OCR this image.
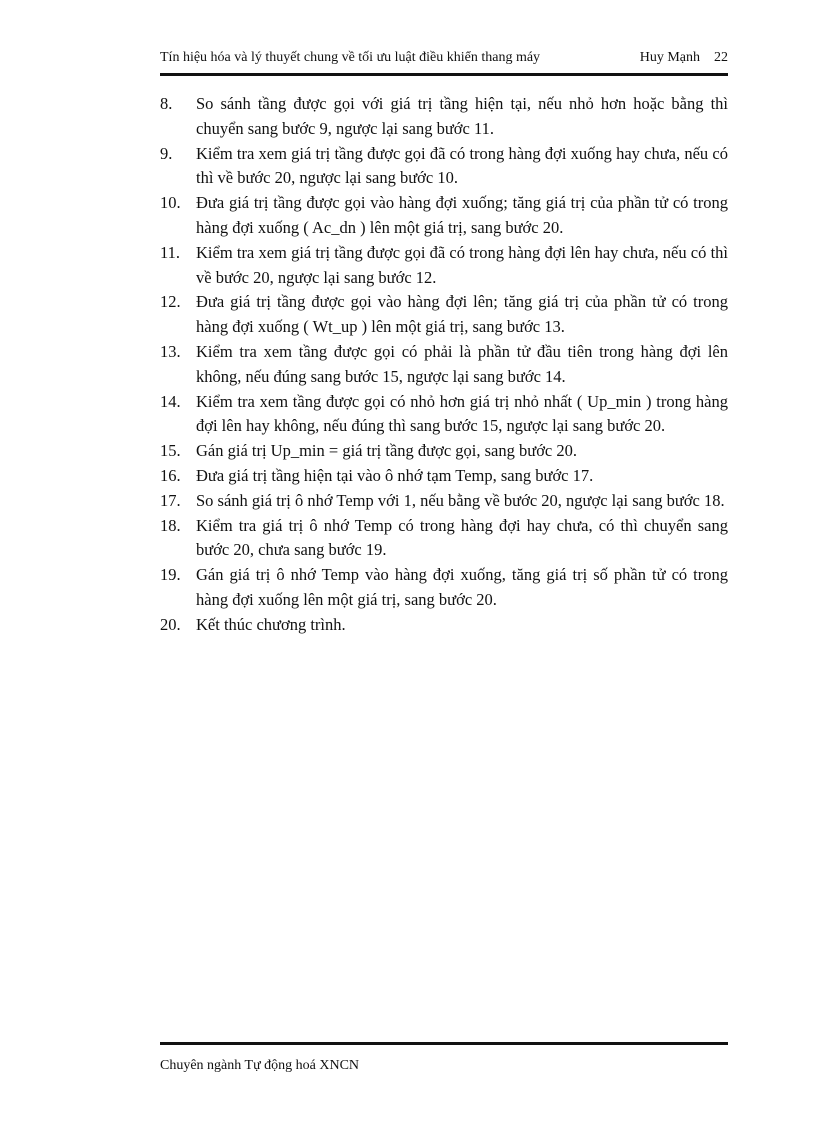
Tín hiệu hóa và lý thuyết chung về tối ưu luật điều khiển thang máy	Huy Mạnh 22
8. So sánh tầng được gọi với giá trị tầng hiện tại, nếu nhỏ hơn hoặc bằng thì chuyển sang bước 9, ngược lại sang bước 11.
9. Kiểm tra xem giá trị tầng được gọi đã có trong hàng đợi xuống hay chưa, nếu có thì về bước 20, ngược lại sang bước 10.
10. Đưa giá trị tầng được gọi vào hàng đợi xuống; tăng giá trị của phần tử có trong hàng đợi xuống ( Ac_dn ) lên một giá trị, sang bước 20.
11. Kiểm tra xem giá trị tầng được gọi đã có trong hàng đợi lên hay chưa, nếu có thì về bước 20, ngược lại sang bước 12.
12. Đưa giá trị tầng được gọi vào hàng đợi lên; tăng giá trị của phần tử có trong hàng đợi xuống ( Wt_up ) lên một giá trị, sang bước 13.
13. Kiểm tra xem tầng được gọi có phải là phần tử đầu tiên trong hàng đợi lên không, nếu đúng sang bước 15, ngược lại sang bước 14.
14. Kiểm tra xem tầng được gọi có nhỏ hơn giá trị nhỏ nhất ( Up_min ) trong hàng đợi lên hay không, nếu đúng thì sang bước 15, ngược lại sang bước 20.
15. Gán giá trị Up_min = giá trị tầng được gọi, sang bước 20.
16. Đưa giá trị tầng hiện tại vào ô nhớ tạm Temp, sang bước 17.
17. So sánh giá trị ô nhớ Temp với 1, nếu bằng về bước 20, ngược lại sang bước 18.
18. Kiểm tra giá trị ô nhớ Temp có trong hàng đợi hay chưa, có thì chuyển sang bước 20, chưa sang bước 19.
19. Gán giá trị ô nhớ Temp vào hàng đợi xuống, tăng giá trị số phần tử có trong hàng đợi xuống lên một giá trị, sang bước 20.
20. Kết thúc chương trình.
Chuyên ngành Tự động hoá XNCN
